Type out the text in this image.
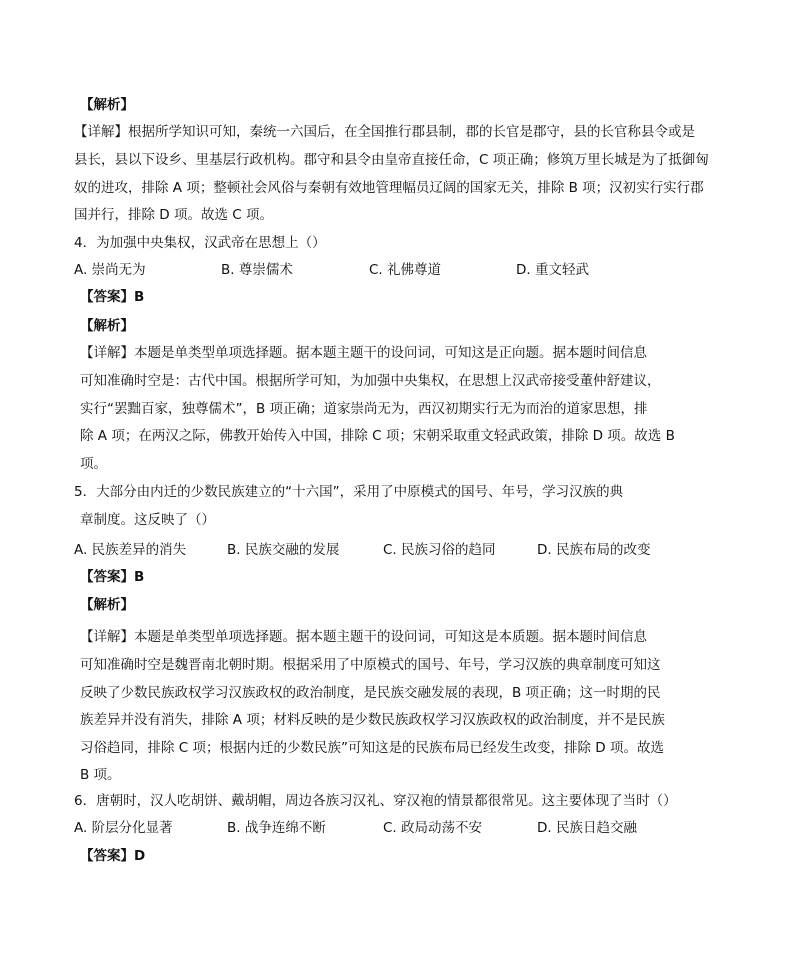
【解析】
【详解】根据所学知识可知，秦统一六国后，在全国推行郡县制，郡的长官是郡守，县的长官称县令或是
县长，县以下设乡、里基层行政机构。郡守和县令由皇帝直接任命，C 项正确；修筑万里长城是为了抵御匈
奴的进攻，排除 A 项；整顿社会风俗与秦朝有效地管理幅员辽阔的国家无关，排除 B 项；汉初实行实行郡
国并行，排除 D 项。故选 C 项。
4．为加强中央集权，汉武帝在思想上（）
A. 崇尚无为	B. 尊崇儒术	C. 礼佛尊道	D. 重文轻武
【答案】B
【解析】
【详解】本题是单类型单项选择题。据本题主题干的设问词，可知这是正向题。据本题时间信息
可知准确时空是：古代中国。根据所学可知，为加强中央集权，在思想上汉武帝接受董仲舒建议，
实行“罢黜百家，独尊儒术”，B 项正确；道家崇尚无为，西汉初期实行无为而治的道家思想，排
除 A 项；在两汉之际，佛教开始传入中国，排除 C 项；宋朝采取重文轻武政策，排除 D 项。故选 B
项。
5．大部分由内迁的少数民族建立的“十六国”，采用了中原模式的国号、年号，学习汉族的典
章制度。这反映了（）
A. 民族差异的消失	B. 民族交融的发展	C. 民族习俗的趋同	D. 民族布局的改变
【答案】B
【解析】
【详解】本题是单类型单项选择题。据本题主题干的设问词，可知这是本质题。据本题时间信息
可知准确时空是魏晋南北朝时期。根据采用了中原模式的国号、年号，学习汉族的典章制度可知这
反映了少数民族政权学习汉族政权的政治制度，是民族交融发展的表现，B 项正确；这一时期的民
族差异并没有消失，排除 A 项；材料反映的是少数民族政权学习汉族政权的政治制度，并不是民族
习俗趋同，排除 C 项；根据内迁的少数民族”可知这是的民族布局已经发生改变，排除 D 项。故选
B 项。
6．唐朝时，汉人吃胡饼、戴胡帽，周边各族习汉礼、穿汉袍的情景都很常见。这主要体现了当时（）
A. 阶层分化显著	B. 战争连绵不断	C. 政局动荡不安	D. 民族日趋交融
【答案】D
